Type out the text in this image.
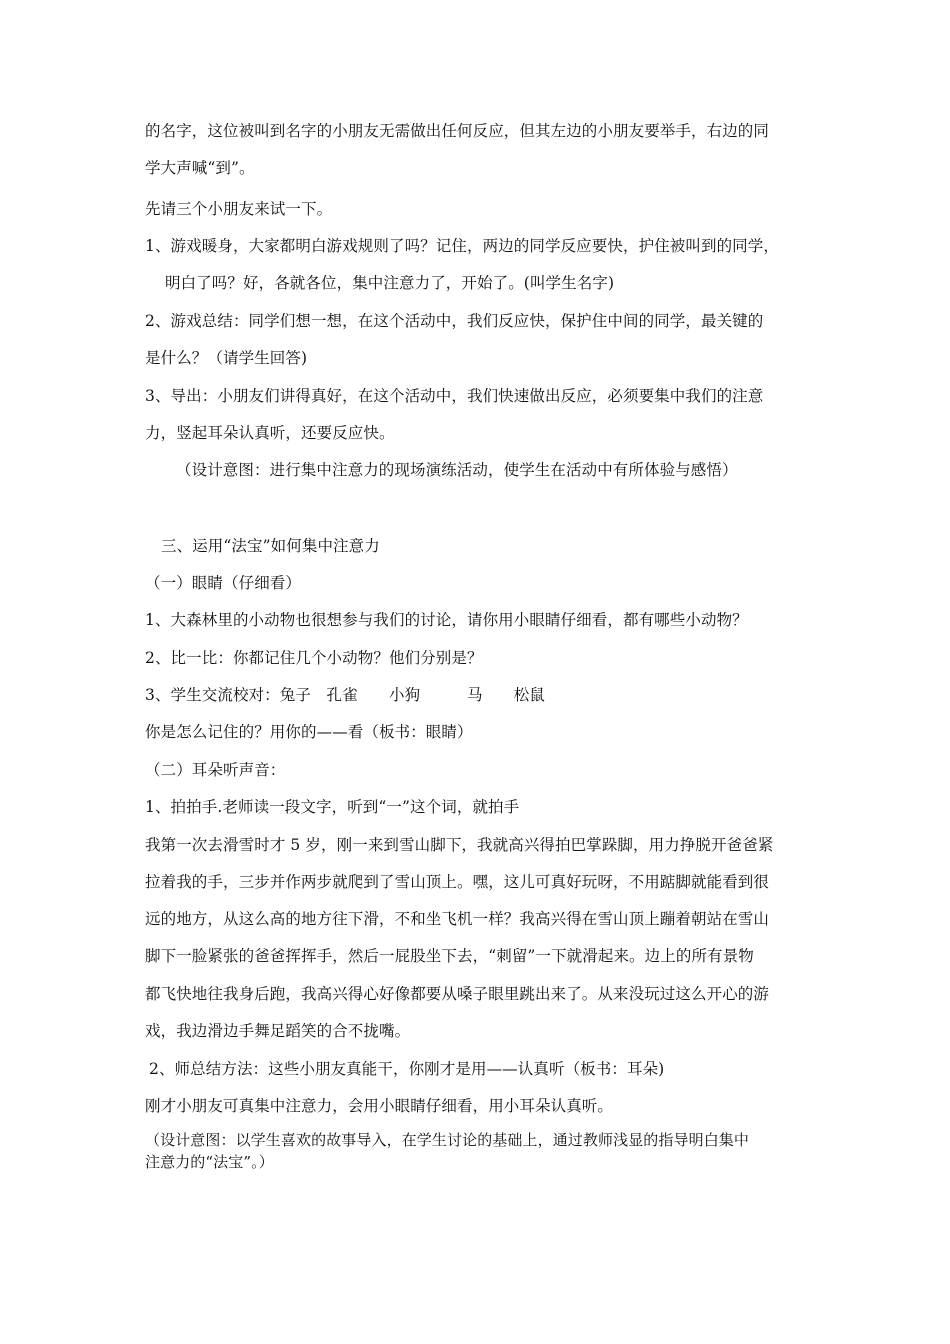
的名字，这位被叫到名字的小朋友无需做出任何反应，但其左边的小朋友要举手，右边的同
学大声喊“到”。
先请三个小朋友来试一下。
1、游戏暖身，大家都明白游戏规则了吗？记住，两边的同学反应要快，护住被叫到的同学，
明白了吗？好，各就各位，集中注意力了，开始了。(叫学生名字)
2、游戏总结：同学们想一想，在这个活动中，我们反应快，保护住中间的同学，最关键的
是什么？（请学生回答)
3、导出：小朋友们讲得真好，在这个活动中，我们快速做出反应，必须要集中我们的注意
力，竖起耳朵认真听，还要反应快。
（设计意图：进行集中注意力的现场演练活动，使学生在活动中有所体验与感悟）
三、运用“法宝”如何集中注意力
（一）眼睛（仔细看）
1、大森林里的小动物也很想参与我们的讨论，请你用小眼睛仔细看，都有哪些小动物？
2、比一比：你都记住几个小动物？他们分别是？
3、学生交流校对：兔子　孔雀　　小狗　　　马　　松鼠
你是怎么记住的？用你的——看（板书：眼睛）
（二）耳朵听声音：
1、拍拍手.老师读一段文字，听到“一”这个词，就拍手
我第一次去滑雪时才 5 岁，刚一来到雪山脚下，我就高兴得拍巴掌跺脚，用力挣脱开爸爸紧
拉着我的手，三步并作两步就爬到了雪山顶上。嘿，这儿可真好玩呀，不用踮脚就能看到很
远的地方，从这么高的地方往下滑，不和坐飞机一样？我高兴得在雪山顶上蹦着朝站在雪山
脚下一脸紧张的爸爸挥挥手，然后一屁股坐下去，“刺留”一下就滑起来。边上的所有景物
都飞快地往我身后跑，我高兴得心好像都要从嗓子眼里跳出来了。从来没玩过这么开心的游
戏，我边滑边手舞足蹈笑的合不拢嘴。
2、师总结方法：这些小朋友真能干，你刚才是用——认真听（板书：耳朵)
刚才小朋友可真集中注意力，会用小眼睛仔细看，用小耳朵认真听。
（设计意图：以学生喜欢的故事导入，在学生讨论的基础上，通过教师浅显的指导明白集中
注意力的“法宝”。）
